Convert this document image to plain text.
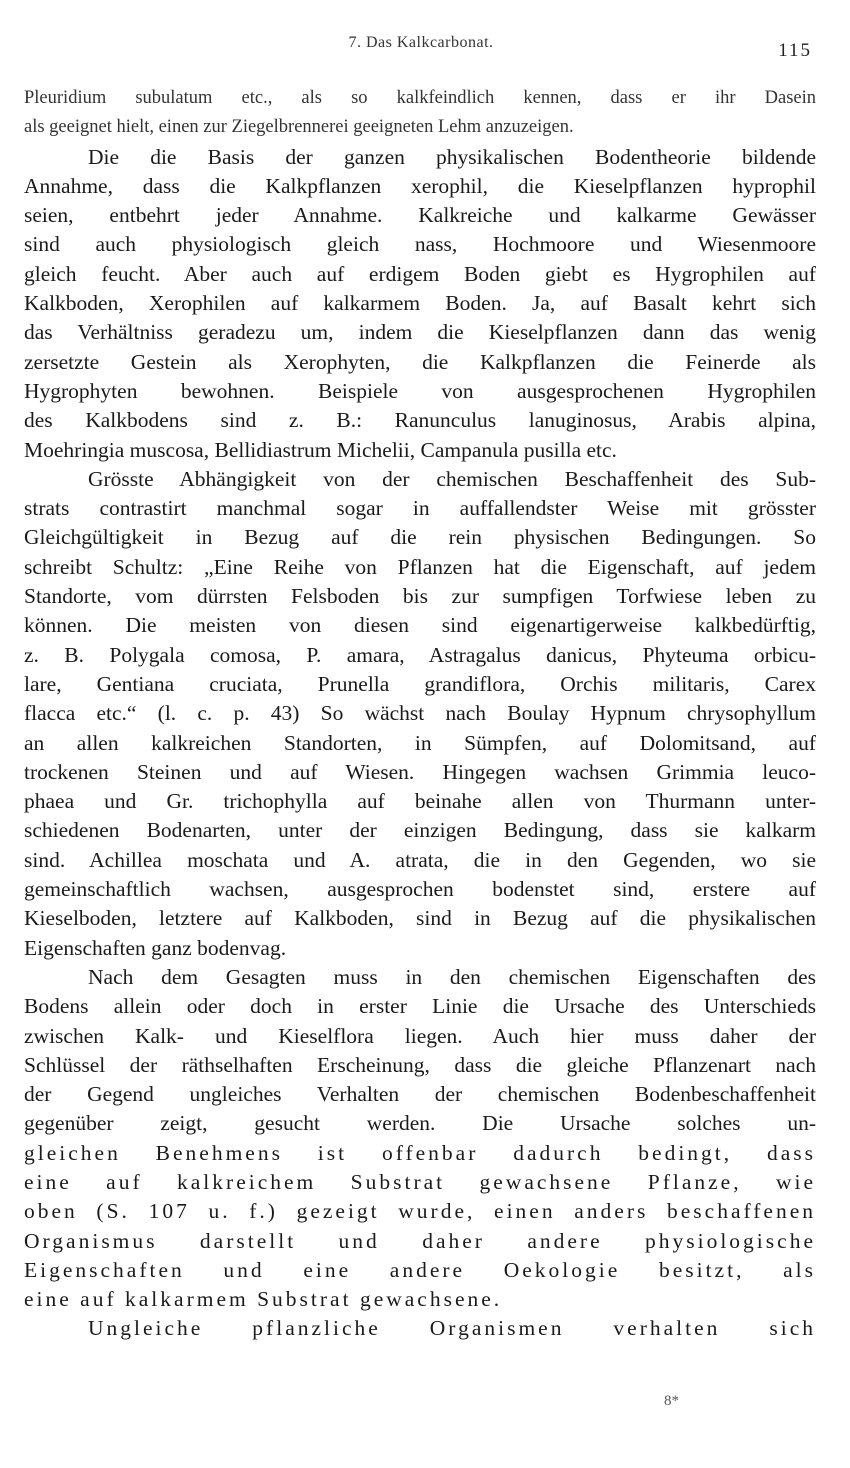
7. Das Kalkcarbonat.	115
Pleuridium subulatum etc., als so kalkfeindlich kennen, dass er ihr Dasein
als geeignet hielt, einen zur Ziegelbrennerei geeigneten Lehm anzuzeigen.
Die die Basis der ganzen physikalischen Bodentheorie bildende
Annahme, dass die Kalkpflanzen xerophil, die Kieselpflanzen hyprophil
seien, entbehrt jeder Annahme. Kalkreiche und kalkarme Gewässer
sind auch physiologisch gleich nass, Hochmoore und Wiesenmoore
gleich feucht. Aber auch auf erdigem Boden giebt es Hygrophilen auf
Kalkboden, Xerophilen auf kalkarmem Boden. Ja, auf Basalt kehrt sich
das Verhältniss geradezu um, indem die Kieselpflanzen dann das wenig
zersetzte Gestein als Xerophyten, die Kalkpflanzen die Feinerde als
Hygrophyten bewohnen. Beispiele von ausgesprochenen Hygrophilen
des Kalkbodens sind z. B.: Ranunculus lanuginosus, Arabis alpina,
Moehringia muscosa, Bellidiastrum Michelii, Campanula pusilla etc.
Grösste Abhängigkeit von der chemischen Beschaffenheit des Sub-
strats contrastirt manchmal sogar in auffallendster Weise mit grösster
Gleichgültigkeit in Bezug auf die rein physischen Bedingungen. So
schreibt Schultz: „Eine Reihe von Pflanzen hat die Eigenschaft, auf jedem
Standorte, vom dürrsten Felsboden bis zur sumpfigen Torfwiese leben zu
können. Die meisten von diesen sind eigenartigerweise kalkbedürftig,
z. B. Polygala comosa, P. amara, Astragalus danicus, Phyteuma orbicu-
lare, Gentiana cruciata, Prunella grandiflora, Orchis militaris, Carex
flacca etc.“ (l. c. p. 43) So wächst nach Boulay Hypnum chrysophyllum
an allen kalkreichen Standorten, in Sümpfen, auf Dolomitsand, auf
trockenen Steinen und auf Wiesen. Hingegen wachsen Grimmia leuco-
phaea und Gr. trichophylla auf beinahe allen von Thurmann unter-
schiedenen Bodenarten, unter der einzigen Bedingung, dass sie kalkarm
sind. Achillea moschata und A. atrata, die in den Gegenden, wo sie
gemeinschaftlich wachsen, ausgesprochen bodenstet sind, erstere auf
Kieselboden, letztere auf Kalkboden, sind in Bezug auf die physikalischen
Eigenschaften ganz bodenvag.
Nach dem Gesagten muss in den chemischen Eigenschaften des
Bodens allein oder doch in erster Linie die Ursache des Unterschieds
zwischen Kalk- und Kieselflora liegen. Auch hier muss daher der
Schlüssel der räthselhaften Erscheinung, dass die gleiche Pflanzenart nach
der Gegend ungleiches Verhalten der chemischen Bodenbeschaffenheit
gegenüber zeigt, gesucht werden. Die Ursache solches un-
gleichen Benehmens ist offenbar dadurch bedingt, dass
eine auf kalkreichem Substrat gewachsene Pflanze, wie
oben (S. 107 u. f.) gezeigt wurde, einen anders beschaffenen
Organismus darstellt und daher andere physiologische
Eigenschaften und eine andere Oekologie besitzt, als
eine auf kalkarmem Substrat gewachsene.
Ungleiche pflanzliche Organismen verhalten sich
8*
